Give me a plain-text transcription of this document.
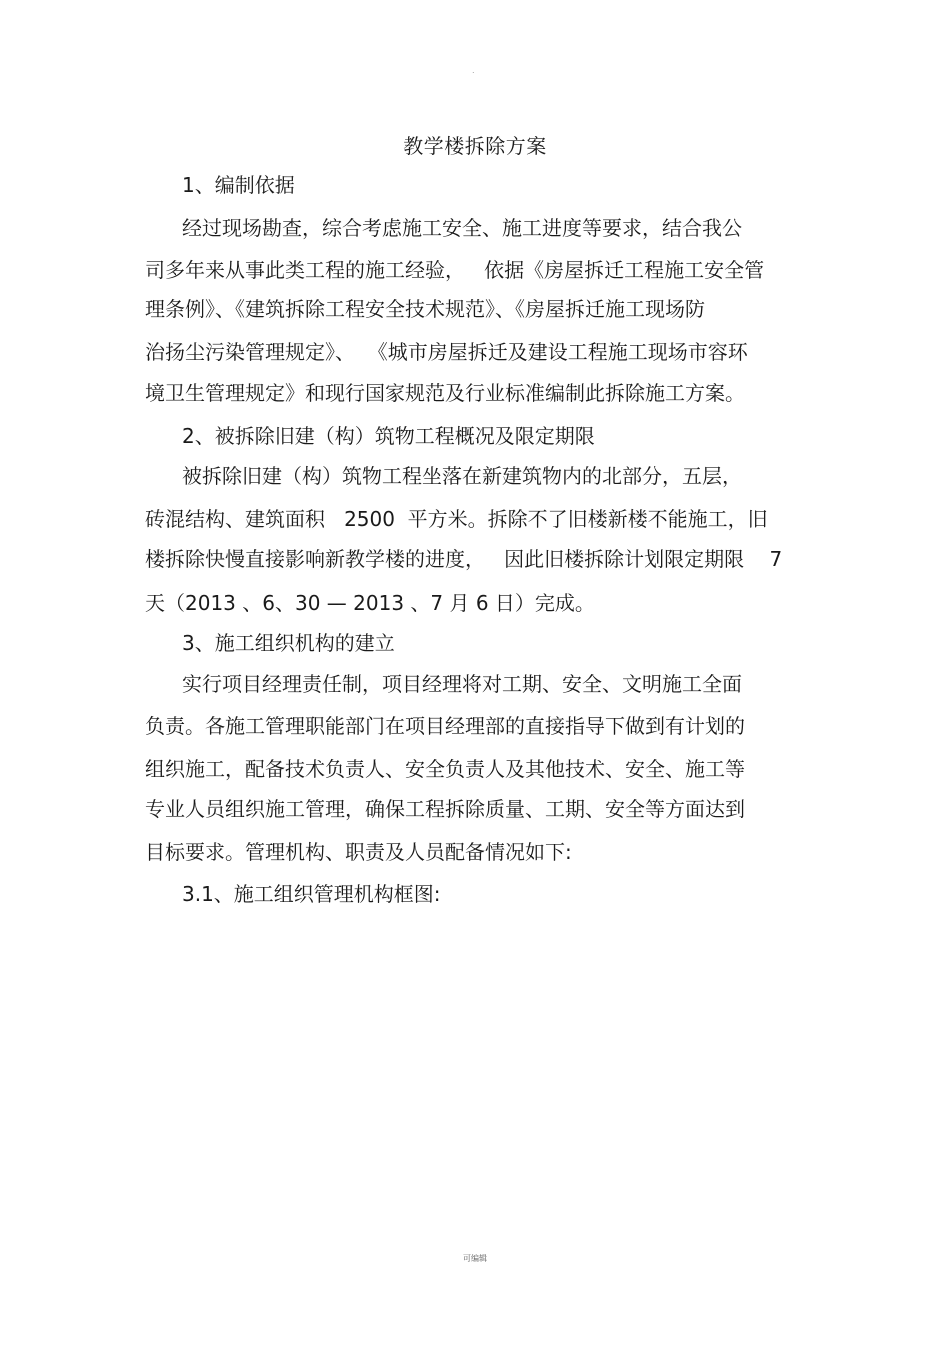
.
教学楼拆除方案
1、编制依据
经过现场勘查，综合考虑施工安全、施工进度等要求，结合我公
司多年来从事此类工程的施工经验，   依据《房屋拆迁工程施工安全管
理条例》、《建筑拆除工程安全技术规范》、《房屋拆迁施工现场防
治扬尘污染管理规定》、  《城市房屋拆迁及建设工程施工现场市容环
境卫生管理规定》和现行国家规范及行业标准编制此拆除施工方案。
2、被拆除旧建（构）筑物工程概况及限定期限
被拆除旧建（构）筑物工程坐落在新建筑物内的北部分，五层，
砖混结构、建筑面积   2500  平方米。拆除不了旧楼新楼不能施工，旧
楼拆除快慢直接影响新教学楼的进度，   因此旧楼拆除计划限定期限    7
天（2013 、6、30 — 2013 、7 月 6 日）完成。
3、施工组织机构的建立
实行项目经理责任制，项目经理将对工期、安全、文明施工全面
负责。各施工管理职能部门在项目经理部的直接指导下做到有计划的
组织施工，配备技术负责人、安全负责人及其他技术、安全、施工等
专业人员组织施工管理，确保工程拆除质量、工期、安全等方面达到
目标要求。管理机构、职责及人员配备情况如下:
3.1、施工组织管理机构框图:
可编辑
